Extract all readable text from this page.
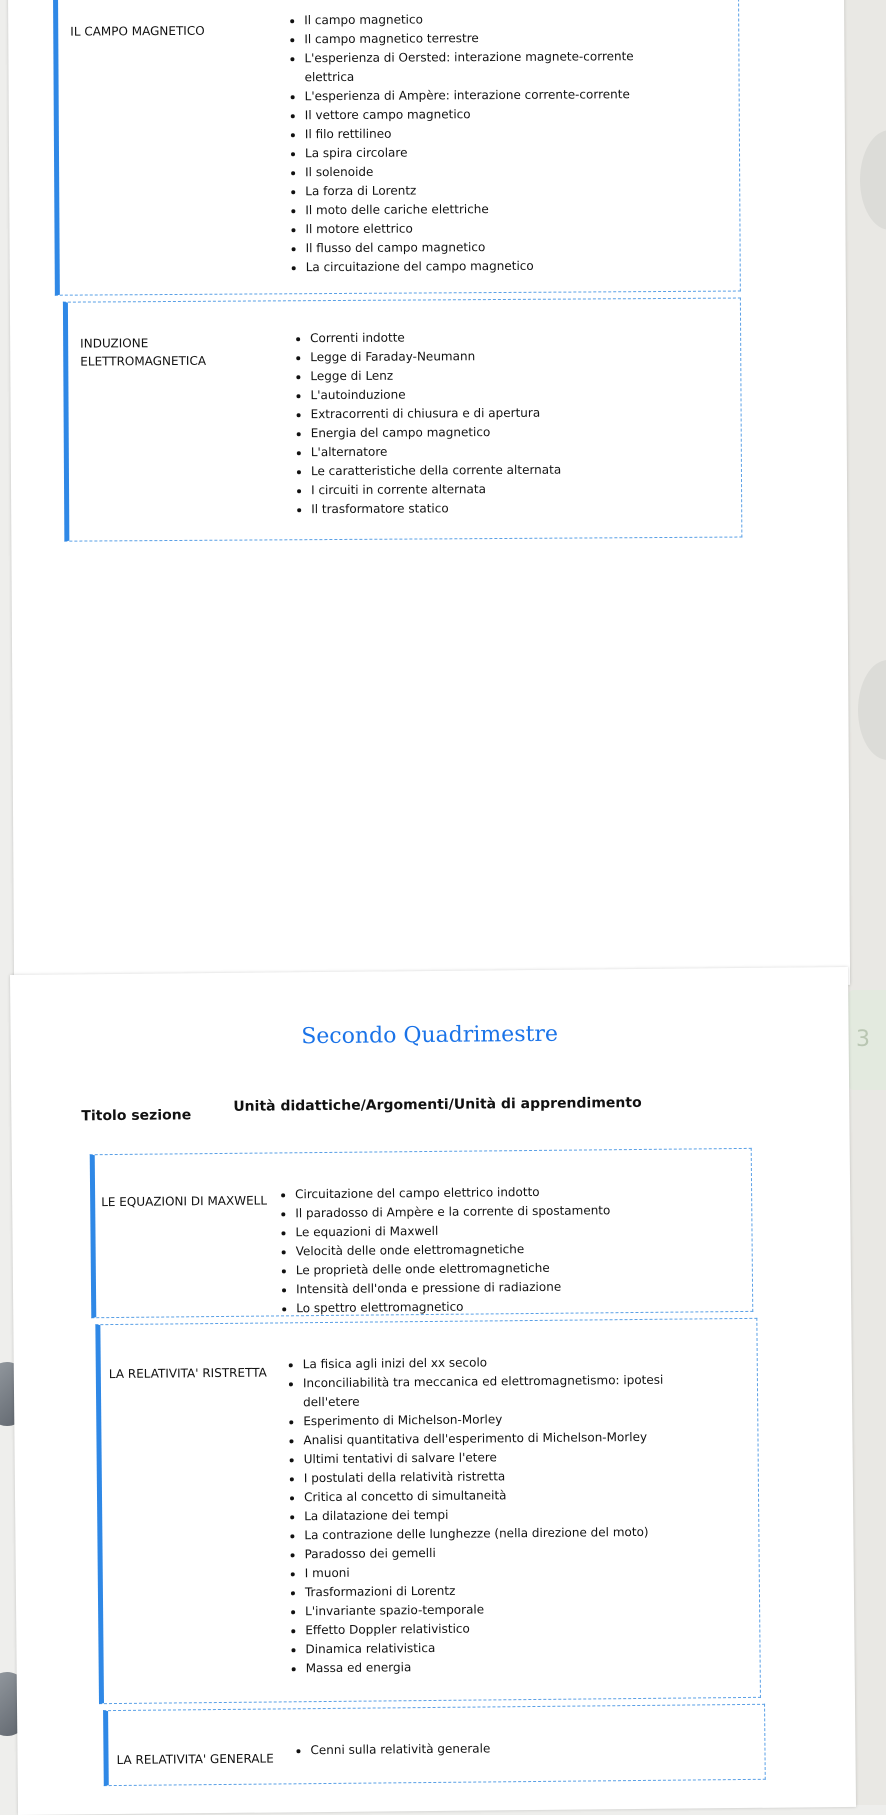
3
IL CAMPO MAGNETICO
• Il campo magnetico
• Il campo magnetico terrestre
• L'esperienza di Oersted: interazione magnete-corrente elettrica
• L'esperienza di Ampère: interazione corrente-corrente
• Il vettore campo magnetico
• Il filo rettilineo
• La spira circolare
• Il solenoide
• La forza di Lorentz
• Il moto delle cariche elettriche
• Il motore elettrico
• Il flusso del campo magnetico
• La circuitazione del campo magnetico
INDUZIONE ELETTROMAGNETICA
• Correnti indotte
• Legge di Faraday-Neumann
• Legge di Lenz
• L'autoinduzione
• Extracorrenti di chiusura e di apertura
• Energia del campo magnetico
• L'alternatore
• Le caratteristiche della corrente alternata
• I circuiti in corrente alternata
• Il trasformatore statico
Secondo Quadrimestre
Titolo sezione
Unità didattiche/Argomenti/Unità di apprendimento
LE EQUAZIONI DI MAXWELL
• Circuitazione del campo elettrico indotto
• Il paradosso di Ampère e la corrente di spostamento
• Le equazioni di Maxwell
• Velocità delle onde elettromagnetiche
• Le proprietà delle onde elettromagnetiche
• Intensità dell'onda e pressione di radiazione
• Lo spettro elettromagnetico
LA RELATIVITA' RISTRETTA
• La fisica agli inizi del xx secolo
• Inconciliabilità tra meccanica ed elettromagnetismo: ipotesi dell'etere
• Esperimento di Michelson-Morley
• Analisi quantitativa dell'esperimento di Michelson-Morley
• Ultimi tentativi di salvare l'etere
• I postulati della relatività ristretta
• Critica al concetto di simultaneità
• La dilatazione dei tempi
• La contrazione delle lunghezze (nella direzione del moto)
• Paradosso dei gemelli
• I muoni
• Trasformazioni di Lorentz
• L'invariante spazio-temporale
• Effetto Doppler relativistico
• Dinamica relativistica
• Massa ed energia
LA RELATIVITA' GENERALE
• Cenni sulla relatività generale
